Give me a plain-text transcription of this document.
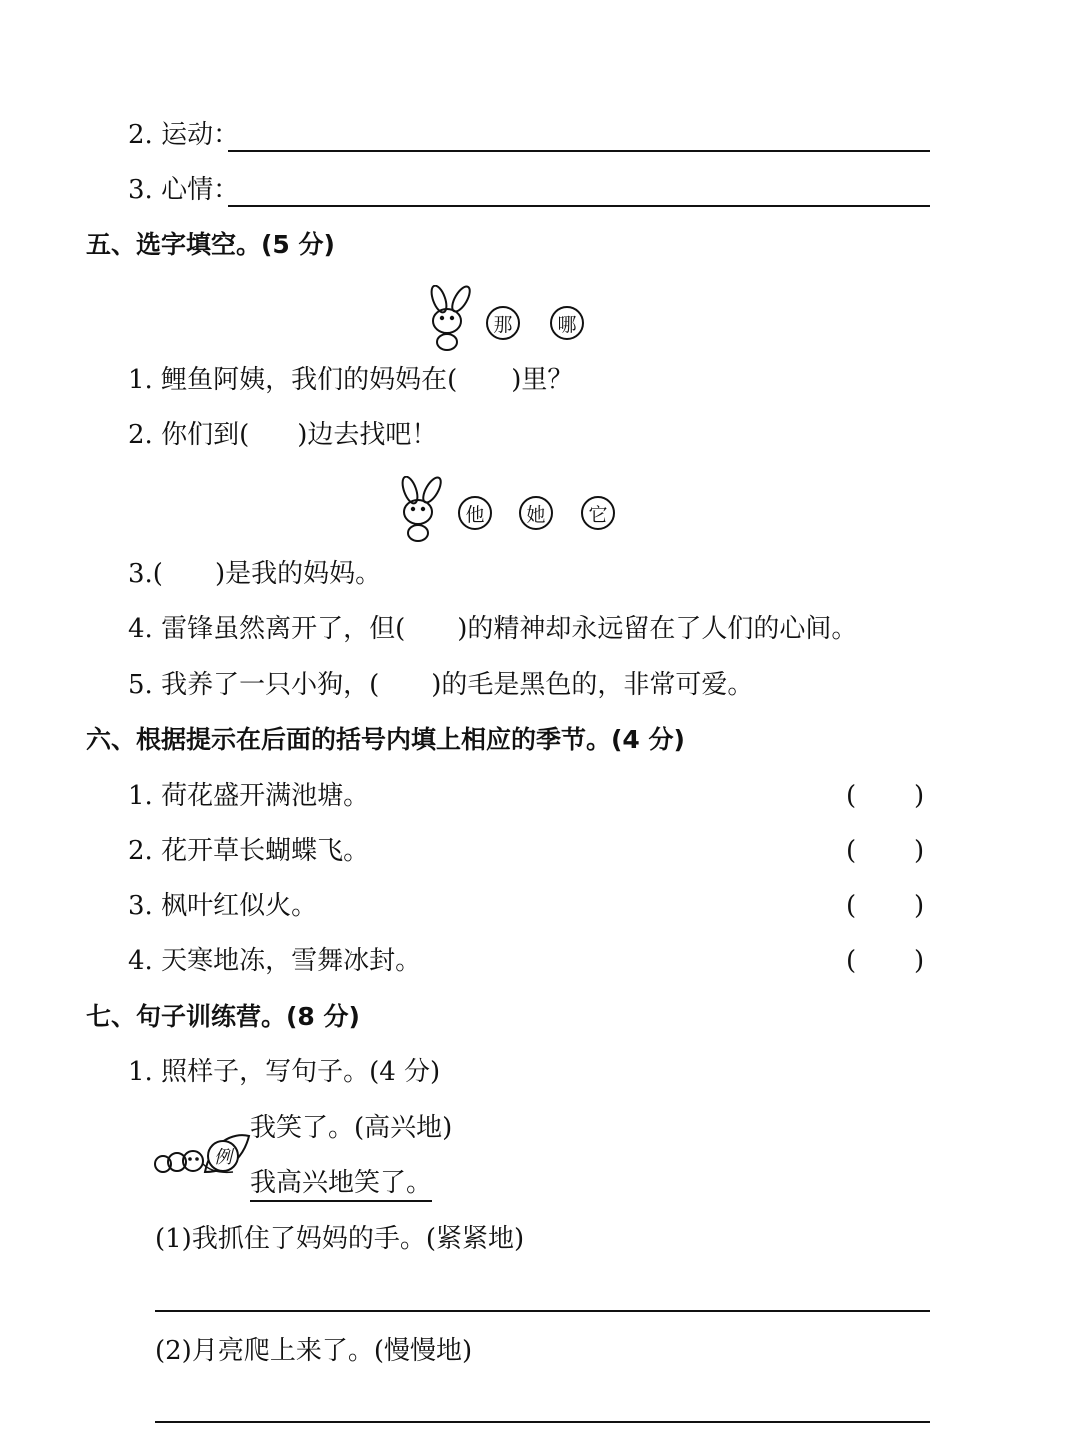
2. 运动：
3. 心情：
五、选字填空。(5 分)
那	哪
1. 鲤鱼阿姨，我们的妈妈在( )里？
2. 你们到( )边去找吧！
他	她	它
3.( )是我的妈妈。
4. 雷锋虽然离开了，但( )的精神却永远留在了人们的心间。
5. 我养了一只小狗，( )的毛是黑色的，非常可爱。
六、根据提示在后面的括号内填上相应的季节。(4 分)
1. 荷花盛开满池塘。	( )
2. 花开草长蝴蝶飞。	( )
3. 枫叶红似火。	( )
4. 天寒地冻，雪舞冰封。	( )
七、句子训练营。(8 分)
1. 照样子，写句子。(4 分)
例
我笑了。(高兴地)
我高兴地笑了。
(1)我抓住了妈妈的手。(紧紧地)
(2)月亮爬上来了。(慢慢地)
